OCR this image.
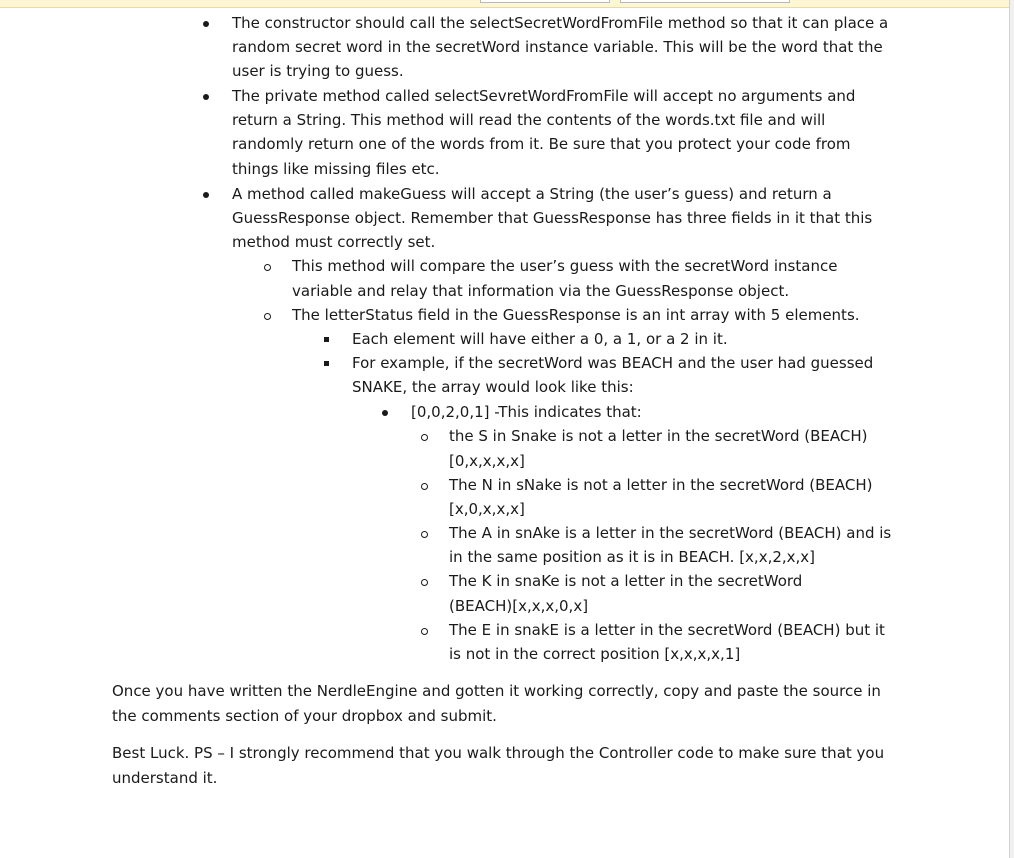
The constructor should call the selectSecretWordFromFile method so that it can place a
random secret word in the secretWord instance variable. This will be the word that the
user is trying to guess.
The private method called selectSevretWordFromFile will accept no arguments and
return a String. This method will read the contents of the words.txt file and will
randomly return one of the words from it. Be sure that you protect your code from
things like missing files etc.
A method called makeGuess will accept a String (the user’s guess) and return a
GuessResponse object. Remember that GuessResponse has three fields in it that this
method must correctly set.
This method will compare the user’s guess with the secretWord instance
variable and relay that information via the GuessResponse object.
The letterStatus field in the GuessResponse is an int array with 5 elements.
Each element will have either a 0, a 1, or a 2 in it.
For example, if the secretWord was BEACH and the user had guessed
SNAKE, the array would look like this:
[0,0,2,0,1] -This indicates that:
the S in Snake is not a letter in the secretWord (BEACH)
[0,x,x,x,x]
The N in sNake is not a letter in the secretWord (BEACH)
[x,0,x,x,x]
The A in snAke is a letter in the secretWord (BEACH) and is
in the same position as it is in BEACH. [x,x,2,x,x]
The K in snaKe is not a letter in the secretWord
(BEACH)[x,x,x,0,x]
The E in snakE is a letter in the secretWord (BEACH) but it
is not in the correct position [x,x,x,x,1]
Once you have written the NerdleEngine and gotten it working correctly, copy and paste the source in
the comments section of your dropbox and submit.
Best Luck. PS – I strongly recommend that you walk through the Controller code to make sure that you
understand it.
